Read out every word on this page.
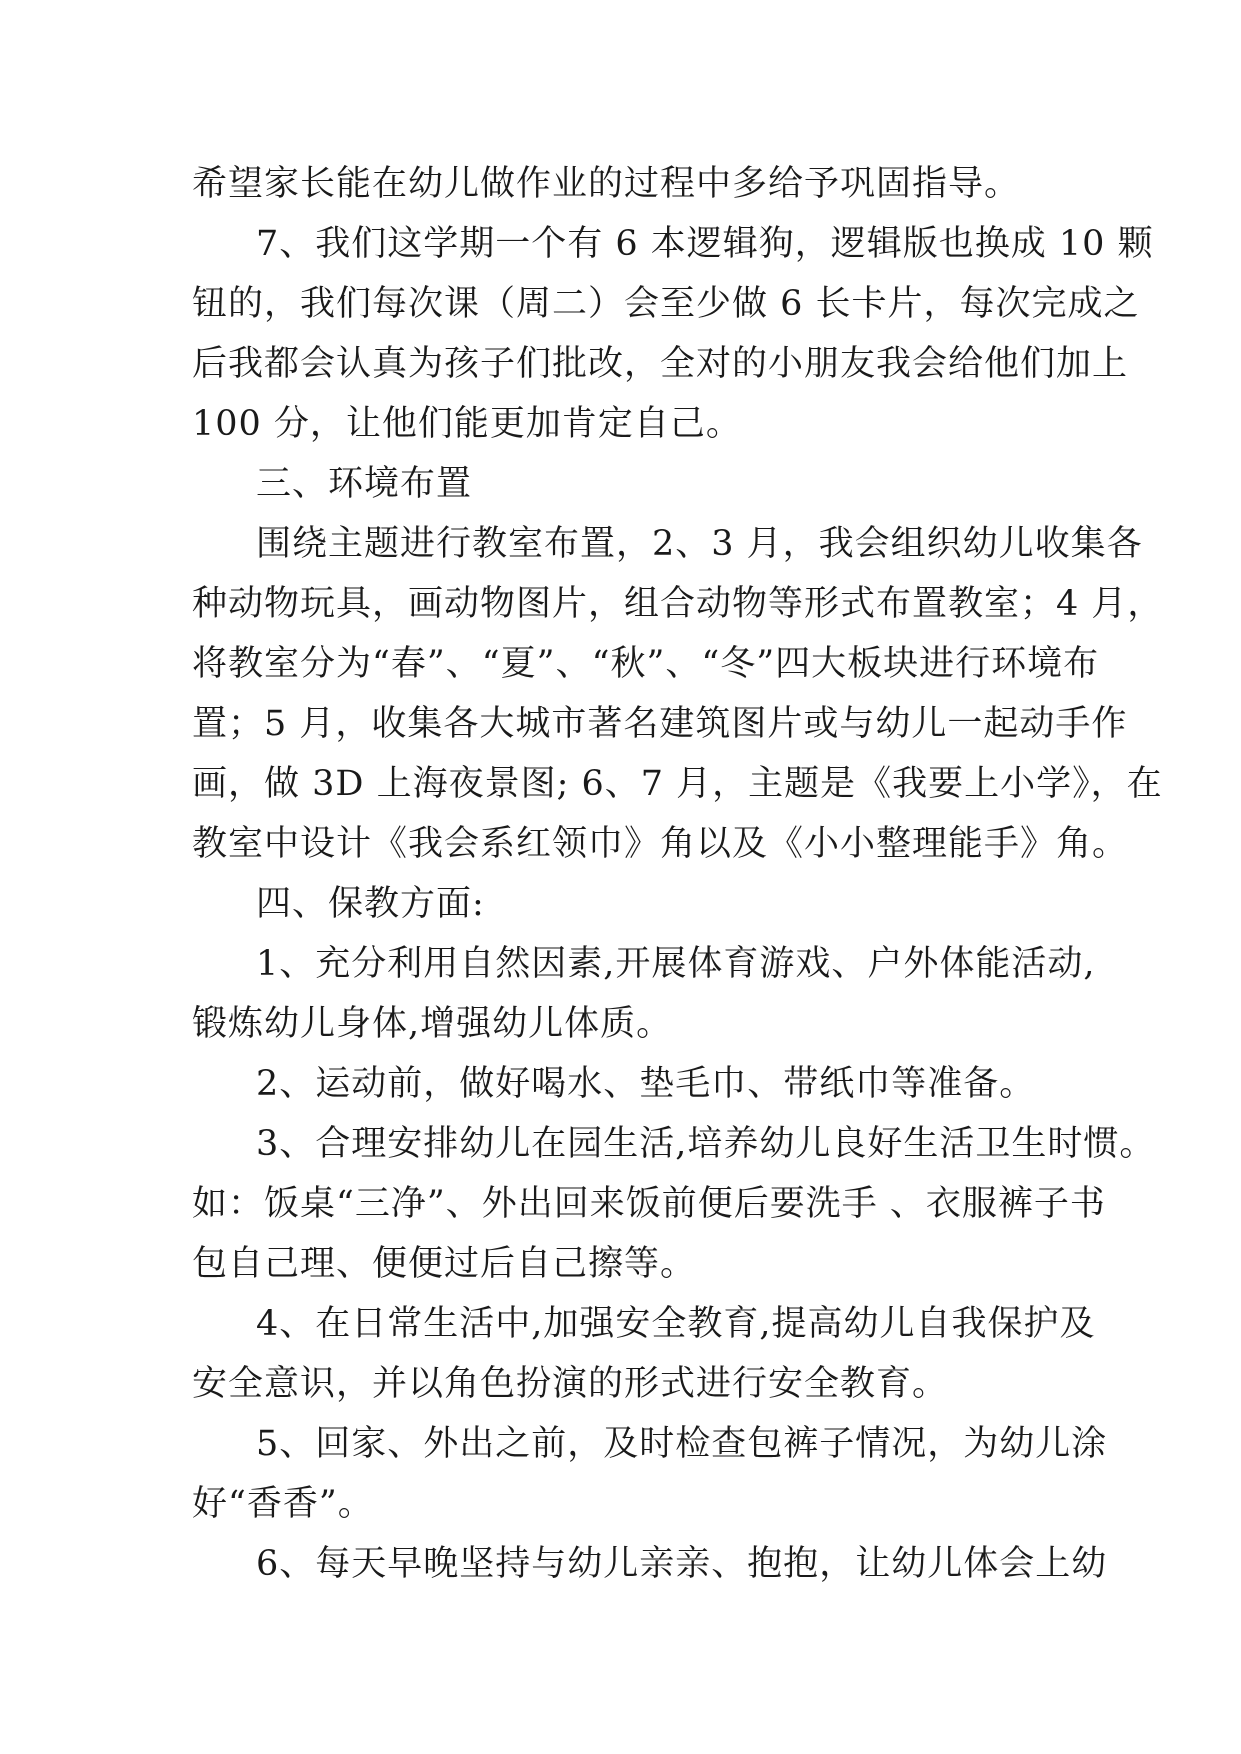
希望家长能在幼儿做作业的过程中多给予巩固指导。
7、我们这学期一个有 6 本逻辑狗，逻辑版也换成 10 颗
钮的，我们每次课（周二）会至少做 6 长卡片，每次完成之
后我都会认真为孩子们批改，全对的小朋友我会给他们加上
100 分，让他们能更加肯定自己。
三、环境布置
围绕主题进行教室布置，2、3 月，我会组织幼儿收集各
种动物玩具，画动物图片，组合动物等形式布置教室；4 月，
将教室分为“春”、“夏”、“秋”、“冬”四大板块进行环境布
置；5 月，收集各大城市著名建筑图片或与幼儿一起动手作
画，做 3D 上海夜景图; 6、7 月，主题是《我要上小学》，在
教室中设计《我会系红领巾》角以及《小小整理能手》角。
四、保教方面:
1、充分利用自然因素,开展体育游戏、户外体能活动,
锻炼幼儿身体,增强幼儿体质。
2、运动前，做好喝水、垫毛巾、带纸巾等准备。
3、合理安排幼儿在园生活,培养幼儿良好生活卫生时惯。
如：饭桌“三净”、外出回来饭前便后要洗手 、衣服裤子书
包自己理、便便过后自己擦等。
4、在日常生活中,加强安全教育,提高幼儿自我保护及
安全意识，并以角色扮演的形式进行安全教育。
5、回家、外出之前，及时检查包裤子情况，为幼儿涂
好“香香”。
6、每天早晚坚持与幼儿亲亲、抱抱，让幼儿体会上幼
